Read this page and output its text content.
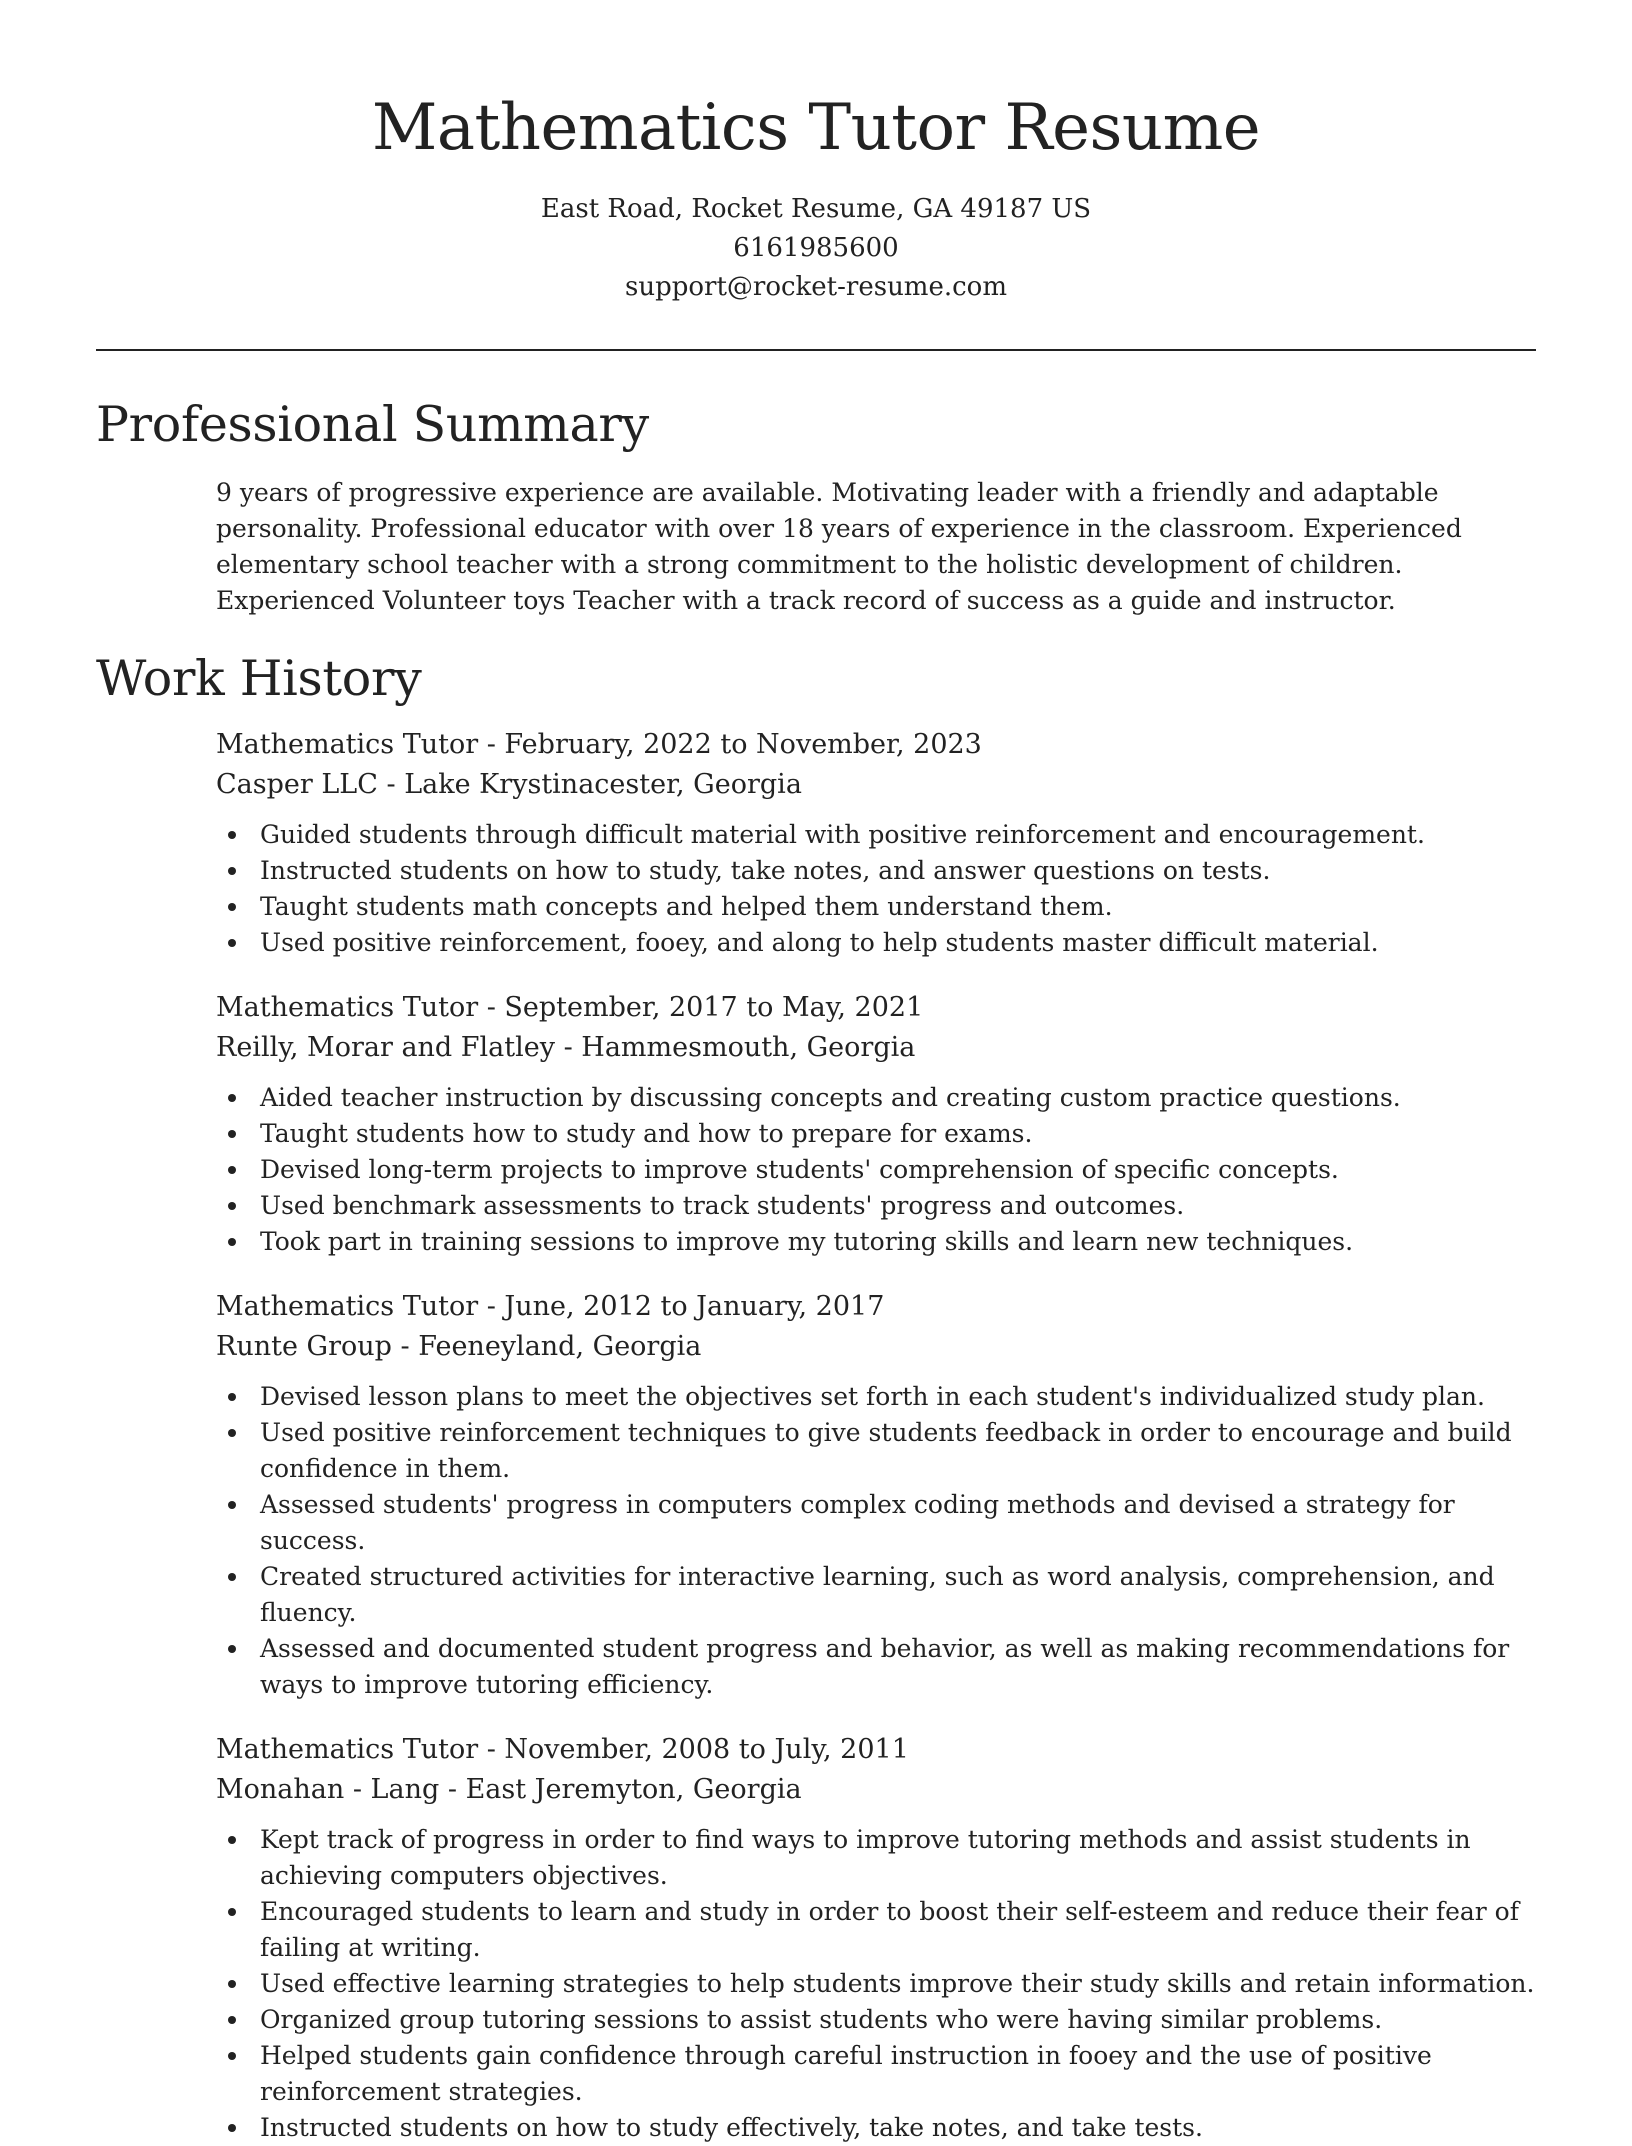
Mathematics Tutor Resume
East Road, Rocket Resume, GA 49187 US
6161985600
support@rocket-resume.com
Professional Summary

9 years of progressive experience are available. Motivating leader with a friendly and adaptable personality. Professional educator with over 18 years of experience in the classroom. Experienced elementary school teacher with a strong commitment to the holistic development of children. Experienced Volunteer toys Teacher with a track record of success as a guide and instructor.

Work History
Mathematics Tutor - February, 2022 to November, 2023
Casper LLC - Lake Krystinacester, Georgia
Guided students through difficult material with positive reinforcement and encouragement.
Instructed students on how to study, take notes, and answer questions on tests.
Taught students math concepts and helped them understand them.
Used positive reinforcement, fooey, and along to help students master difficult material.
Mathematics Tutor - September, 2017 to May, 2021
Reilly, Morar and Flatley - Hammesmouth, Georgia
Aided teacher instruction by discussing concepts and creating custom practice questions.
Taught students how to study and how to prepare for exams.
Devised long-term projects to improve students' comprehension of specific concepts.
Used benchmark assessments to track students' progress and outcomes.
Took part in training sessions to improve my tutoring skills and learn new techniques.
Mathematics Tutor - June, 2012 to January, 2017
Runte Group - Feeneyland, Georgia
Devised lesson plans to meet the objectives set forth in each student's individualized study plan.
Used positive reinforcement techniques to give students feedback in order to encourage and build confidence in them.
Assessed students' progress in computers complex coding methods and devised a strategy for success.
Created structured activities for interactive learning, such as word analysis, comprehension, and fluency.
Assessed and documented student progress and behavior, as well as making recommendations for ways to improve tutoring efficiency.
Mathematics Tutor - November, 2008 to July, 2011
Monahan - Lang - East Jeremyton, Georgia
Kept track of progress in order to find ways to improve tutoring methods and assist students in achieving computers objectives.
Encouraged students to learn and study in order to boost their self-esteem and reduce their fear of failing at writing.
Used effective learning strategies to help students improve their study skills and retain information.
Organized group tutoring sessions to assist students who were having similar problems.
Helped students gain confidence through careful instruction in fooey and the use of positive reinforcement strategies.
Instructed students on how to study effectively, take notes, and take tests.
